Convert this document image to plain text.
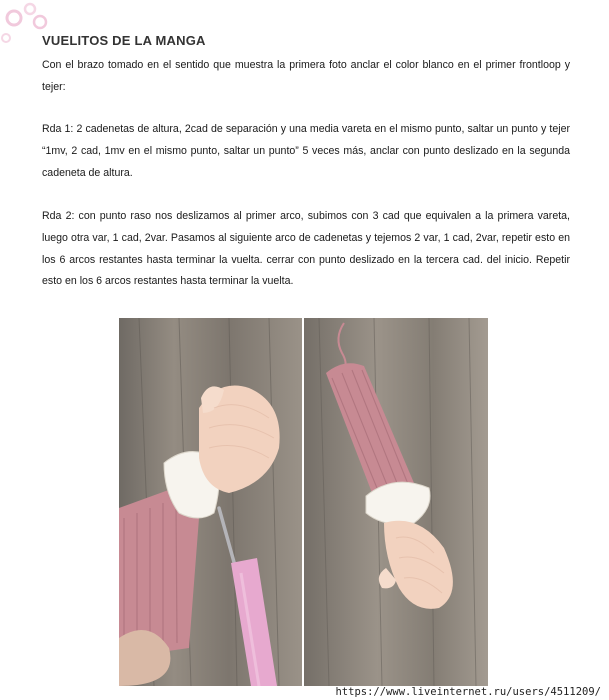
VUELITOS DE LA MANGA
Con el brazo tomado en el sentido que muestra la primera foto anclar el color blanco en el primer frontloop y tejer:
Rda 1: 2 cadenetas de altura, 2cad de separación y una media vareta en el mismo punto, saltar un punto y tejer “1mv, 2 cad, 1mv en el mismo punto, saltar un punto” 5 veces más, anclar con punto deslizado en la segunda cadeneta de altura.
Rda 2: con punto raso nos deslizamos al primer arco, subimos con 3 cad que equivalen a la primera vareta, luego otra var, 1 cad, 2var. Pasamos al siguiente arco de cadenetas y tejemos 2 var, 1 cad, 2var, repetir esto en los 6 arcos restantes hasta terminar la vuelta. cerrar con punto deslizado en la tercera cad. del inicio. Repetir esto en los 6 arcos restantes hasta terminar la vuelta.
https://www.liveinternet.ru/users/4511209/
